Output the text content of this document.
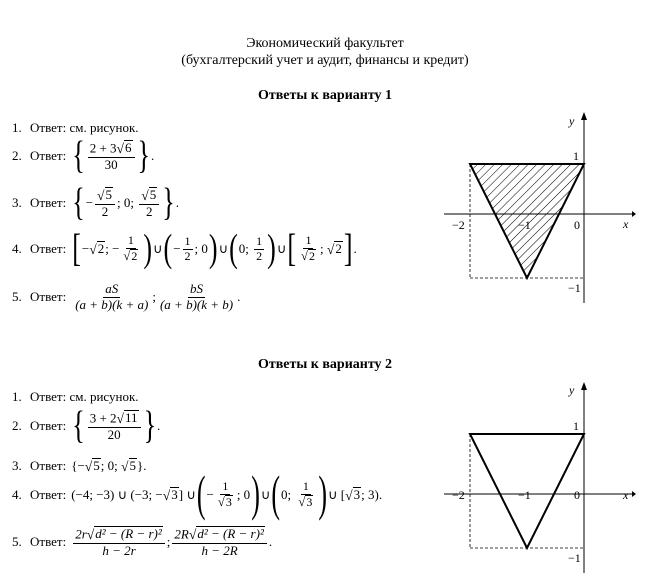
Экономический факультет
(бухгалтерский учет и аудит, финансы и кредит)
Ответы к варианту 1
1. Ответ: см. рисунок.
2. Ответ: { $\frac{2 + 3 √ 6}{30}$ } .
3. Ответ: { − $\frac{√ 5}{2}$ ; 0; $\frac{√ 5}{2}$ } .
4. Ответ: [ − √ 2 ; − $\frac{1}{√ 2}$ ) ∪ ( − $\frac{1}{2}$ ; 0 ) ∪ ( 0; $\frac{1}{2}$ ) ∪ [ $\frac{1}{√ 2}$ ; √ 2 ] .
5. Ответ: $\frac{aS}{(a + b)(k + a)}$ ; $\frac{bS}{(a + b)(k + b)}$ .
y
x
1
−2	−1	0
−1
Ответы к варианту 2
1. Ответ: см. рисунок.
2. Ответ: { $\frac{3 + 2 √ 11}{20}$ } .
3. Ответ: {− √ 5 ; 0; √ 5 } .
4. Ответ: (−4; −3) ∪ (−3; − √ 3 ] ∪ ( − $\frac{1}{√ 3}$ ; 0 ) ∪ ( 0; $\frac{1}{√ 3}$ ) ∪ [ √ 3 ; 3).
5. Ответ: $\frac{\text{2r √ d² − (R − r)²}}{h - 2r}$ ; $\frac{\text{2R √ d² − (R − r)²}}{h - 2R}$ .
y
x
1
−2	−1	0
−1
